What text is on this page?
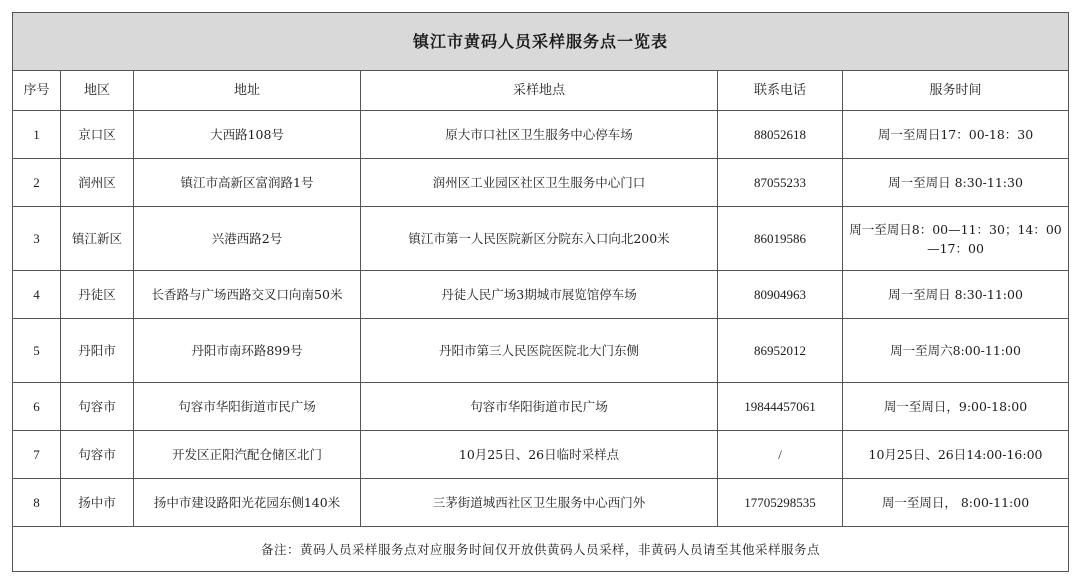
镇江市黄码人员采样服务点一览表					
序号	地区	地址	采样地点	联系电话	服务时间
1	京口区	大西路108号	原大市口社区卫生服务中心停车场	88052618	周一至周日17：00-18：30
2	润州区	镇江市高新区富润路1号	润州区工业园区社区卫生服务中心门口	87055233	周一至周日 8:30-11:30
3	镇江新区	兴港西路2号	镇江市第一人民医院新区分院东入口向北200米	86019586	周一至周日8：00—11：30；14：00—17：00
4	丹徒区	长香路与广场西路交叉口向南50米	丹徒人民广场3期城市展览馆停车场	80904963	周一至周日 8:30-11:00
5	丹阳市	丹阳市南环路899号	丹阳市第三人民医院医院北大门东侧	86952012	周一至周六8:00-11:00
6	句容市	句容市华阳街道市民广场	句容市华阳街道市民广场	19844457061	周一至周日，9:00-18:00
7	句容市	开发区正阳汽配仓储区北门	10月25日、26日临时采样点	/	10月25日、26日14:00-16:00
8	扬中市	扬中市建设路阳光花园东侧140米	三茅街道城西社区卫生服务中心西门外	17705298535	周一至周日， 8:00-11:00
备注：黄码人员采样服务点对应服务时间仅开放供黄码人员采样，非黄码人员请至其他采样服务点					
